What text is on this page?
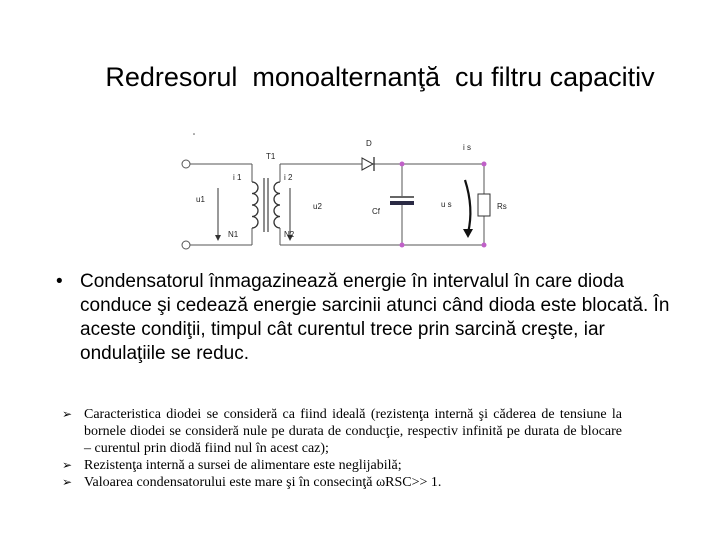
Redresorul  monoalternanţă  cu filtru capacitiv
T1
D	i s
i 1	i 2
u1
u2
Cf
u s	Rs
N1	N2
• Condensatorul înmagazinează energie în intervalul în care dioda conduce şi cedează energie sarcinii atunci când dioda este blocată. În aceste condiţii, timpul cât curentul trece prin sarcină creşte, iar ondulaţiile se reduc.
➢ Caracteristica diodei se consideră ca fiind ideală (rezistenţa internă şi căderea de tensiune la bornele diodei se consideră nule pe durata de conducţie, respectiv infinită pe durata de blocare – curentul prin diodă fiind nul în acest caz);
➢ Rezistenţa internă a sursei de alimentare este neglijabilă;
➢ Valoarea condensatorului este mare şi în consecinţă ωRSC>> 1.
